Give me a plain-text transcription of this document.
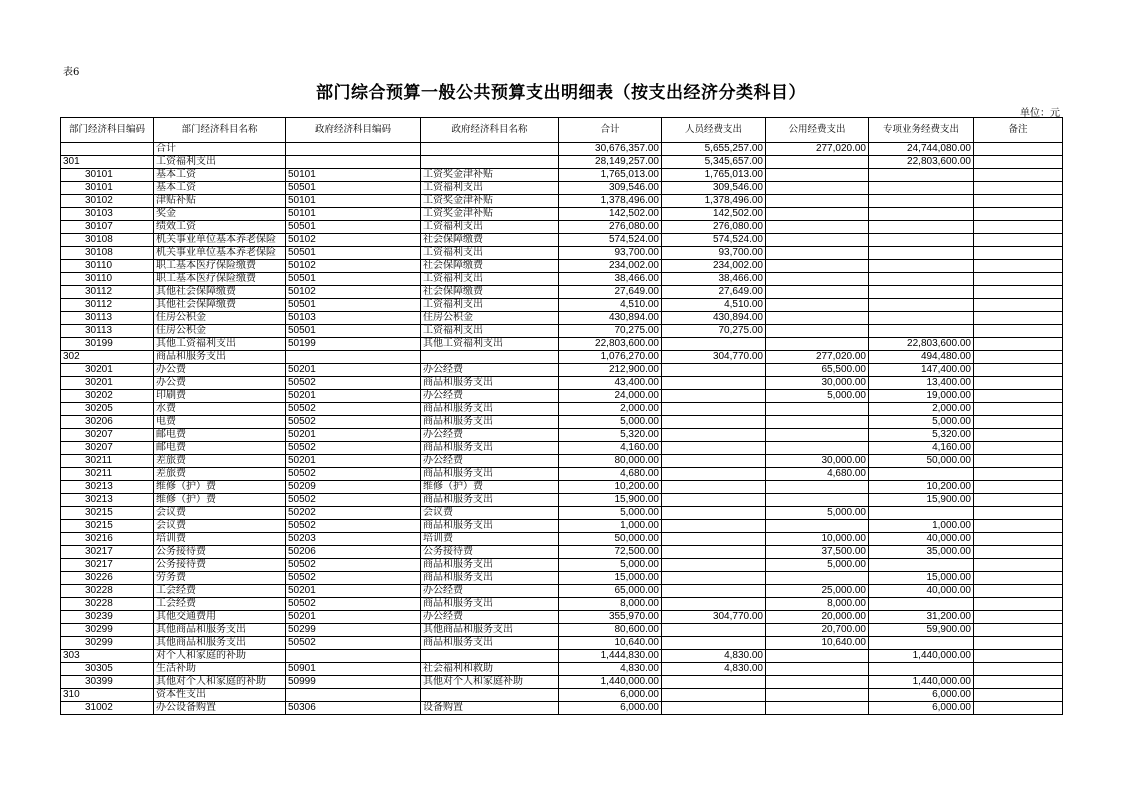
表6
部门综合预算一般公共预算支出明细表（按支出经济分类科目）
单位：元
部门经济科目编码	部门经济科目名称	政府经济科目编码	政府经济科目名称	合计	人员经费支出	公用经费支出	专项业务经费支出	备注
	合计			30,676,357.00	5,655,257.00	277,020.00	24,744,080.00	
301	工资福利支出			28,149,257.00	5,345,657.00		22,803,600.00	
30101	基本工资	50101	工资奖金津补贴	1,765,013.00	1,765,013.00			
30101	基本工资	50501	工资福利支出	309,546.00	309,546.00			
30102	津贴补贴	50101	工资奖金津补贴	1,378,496.00	1,378,496.00			
30103	奖金	50101	工资奖金津补贴	142,502.00	142,502.00			
30107	绩效工资	50501	工资福利支出	276,080.00	276,080.00			
30108	机关事业单位基本养老保险	50102	社会保障缴费	574,524.00	574,524.00			
30108	机关事业单位基本养老保险	50501	工资福利支出	93,700.00	93,700.00			
30110	职工基本医疗保险缴费	50102	社会保障缴费	234,002.00	234,002.00			
30110	职工基本医疗保险缴费	50501	工资福利支出	38,466.00	38,466.00			
30112	其他社会保障缴费	50102	社会保障缴费	27,649.00	27,649.00			
30112	其他社会保障缴费	50501	工资福利支出	4,510.00	4,510.00			
30113	住房公积金	50103	住房公积金	430,894.00	430,894.00			
30113	住房公积金	50501	工资福利支出	70,275.00	70,275.00			
30199	其他工资福利支出	50199	其他工资福利支出	22,803,600.00			22,803,600.00	
302	商品和服务支出			1,076,270.00	304,770.00	277,020.00	494,480.00	
30201	办公费	50201	办公经费	212,900.00		65,500.00	147,400.00	
30201	办公费	50502	商品和服务支出	43,400.00		30,000.00	13,400.00	
30202	印刷费	50201	办公经费	24,000.00		5,000.00	19,000.00	
30205	水费	50502	商品和服务支出	2,000.00			2,000.00	
30206	电费	50502	商品和服务支出	5,000.00			5,000.00	
30207	邮电费	50201	办公经费	5,320.00			5,320.00	
30207	邮电费	50502	商品和服务支出	4,160.00			4,160.00	
30211	差旅费	50201	办公经费	80,000.00		30,000.00	50,000.00	
30211	差旅费	50502	商品和服务支出	4,680.00		4,680.00		
30213	维修（护）费	50209	维修（护）费	10,200.00			10,200.00	
30213	维修（护）费	50502	商品和服务支出	15,900.00			15,900.00	
30215	会议费	50202	会议费	5,000.00		5,000.00		
30215	会议费	50502	商品和服务支出	1,000.00			1,000.00	
30216	培训费	50203	培训费	50,000.00		10,000.00	40,000.00	
30217	公务接待费	50206	公务接待费	72,500.00		37,500.00	35,000.00	
30217	公务接待费	50502	商品和服务支出	5,000.00		5,000.00		
30226	劳务费	50502	商品和服务支出	15,000.00			15,000.00	
30228	工会经费	50201	办公经费	65,000.00		25,000.00	40,000.00	
30228	工会经费	50502	商品和服务支出	8,000.00		8,000.00		
30239	其他交通费用	50201	办公经费	355,970.00	304,770.00	20,000.00	31,200.00	
30299	其他商品和服务支出	50299	其他商品和服务支出	80,600.00		20,700.00	59,900.00	
30299	其他商品和服务支出	50502	商品和服务支出	10,640.00		10,640.00		
303	对个人和家庭的补助			1,444,830.00	4,830.00		1,440,000.00	
30305	生活补助	50901	社会福利和救助	4,830.00	4,830.00			
30399	其他对个人和家庭的补助	50999	其他对个人和家庭补助	1,440,000.00			1,440,000.00	
310	资本性支出			6,000.00			6,000.00	
31002	办公设备购置	50306	设备购置	6,000.00			6,000.00	
